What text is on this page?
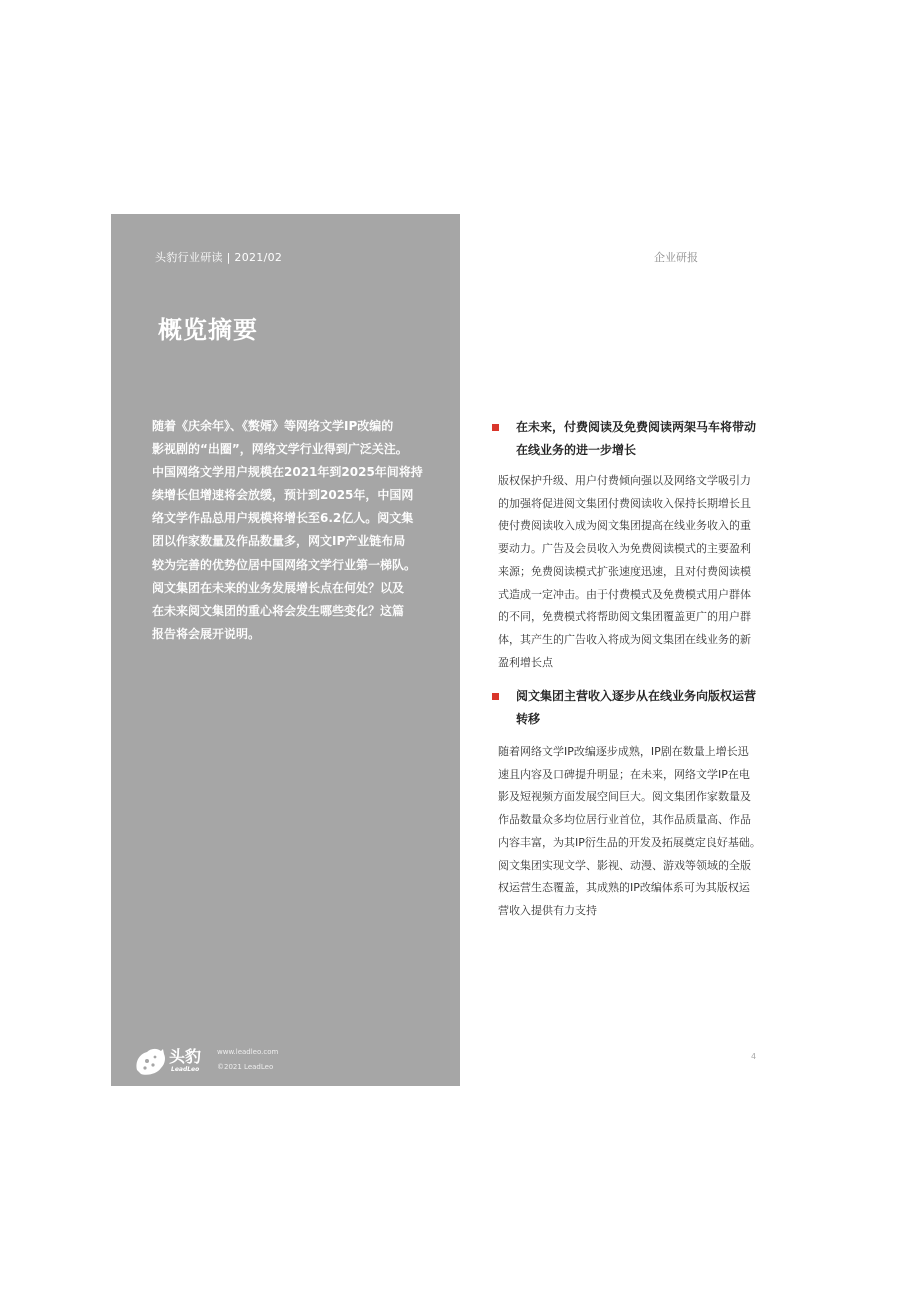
头豹行业研读 | 2021/02
概览摘要

随着《庆余年》、《赘婿》等网络文学IP改编的
影视剧的“出圈”，网络文学行业得到广泛关注。
中国网络文学用户规模在2021年到2025年间将持
续增长但增速将会放缓，预计到2025年，中国网
络文学作品总用户规模将增长至6.2亿人。阅文集
团以作家数量及作品数量多，网文IP产业链布局
较为完善的优势位居中国网络文学行业第一梯队。
阅文集团在未来的业务发展增长点在何处？以及
在未来阅文集团的重心将会发生哪些变化？这篇
报告将会展开说明。

头豹
LeadLeo
www.leadleo.com
©2021 LeadLeo
企业研报
在未来，付费阅读及免费阅读两架马车将带动
在线业务的进一步增长
版权保护升级、用户付费倾向强以及网络文学吸引力
的加强将促进阅文集团付费阅读收入保持长期增长且
使付费阅读收入成为阅文集团提高在线业务收入的重
要动力。广告及会员收入为免费阅读模式的主要盈利
来源；免费阅读模式扩张速度迅速，且对付费阅读模
式造成一定冲击。由于付费模式及免费模式用户群体
的不同，免费模式将帮助阅文集团覆盖更广的用户群
体，其产生的广告收入将成为阅文集团在线业务的新
盈利增长点
阅文集团主营收入逐步从在线业务向版权运营
转移
随着网络文学IP改编逐步成熟，IP剧在数量上增长迅
速且内容及口碑提升明显；在未来，网络文学IP在电
影及短视频方面发展空间巨大。阅文集团作家数量及
作品数量众多均位居行业首位，其作品质量高、作品
内容丰富，为其IP衍生品的开发及拓展奠定良好基础。
阅文集团实现文学、影视、动漫、游戏等领域的全版
权运营生态覆盖，其成熟的IP改编体系可为其版权运
营收入提供有力支持
4
